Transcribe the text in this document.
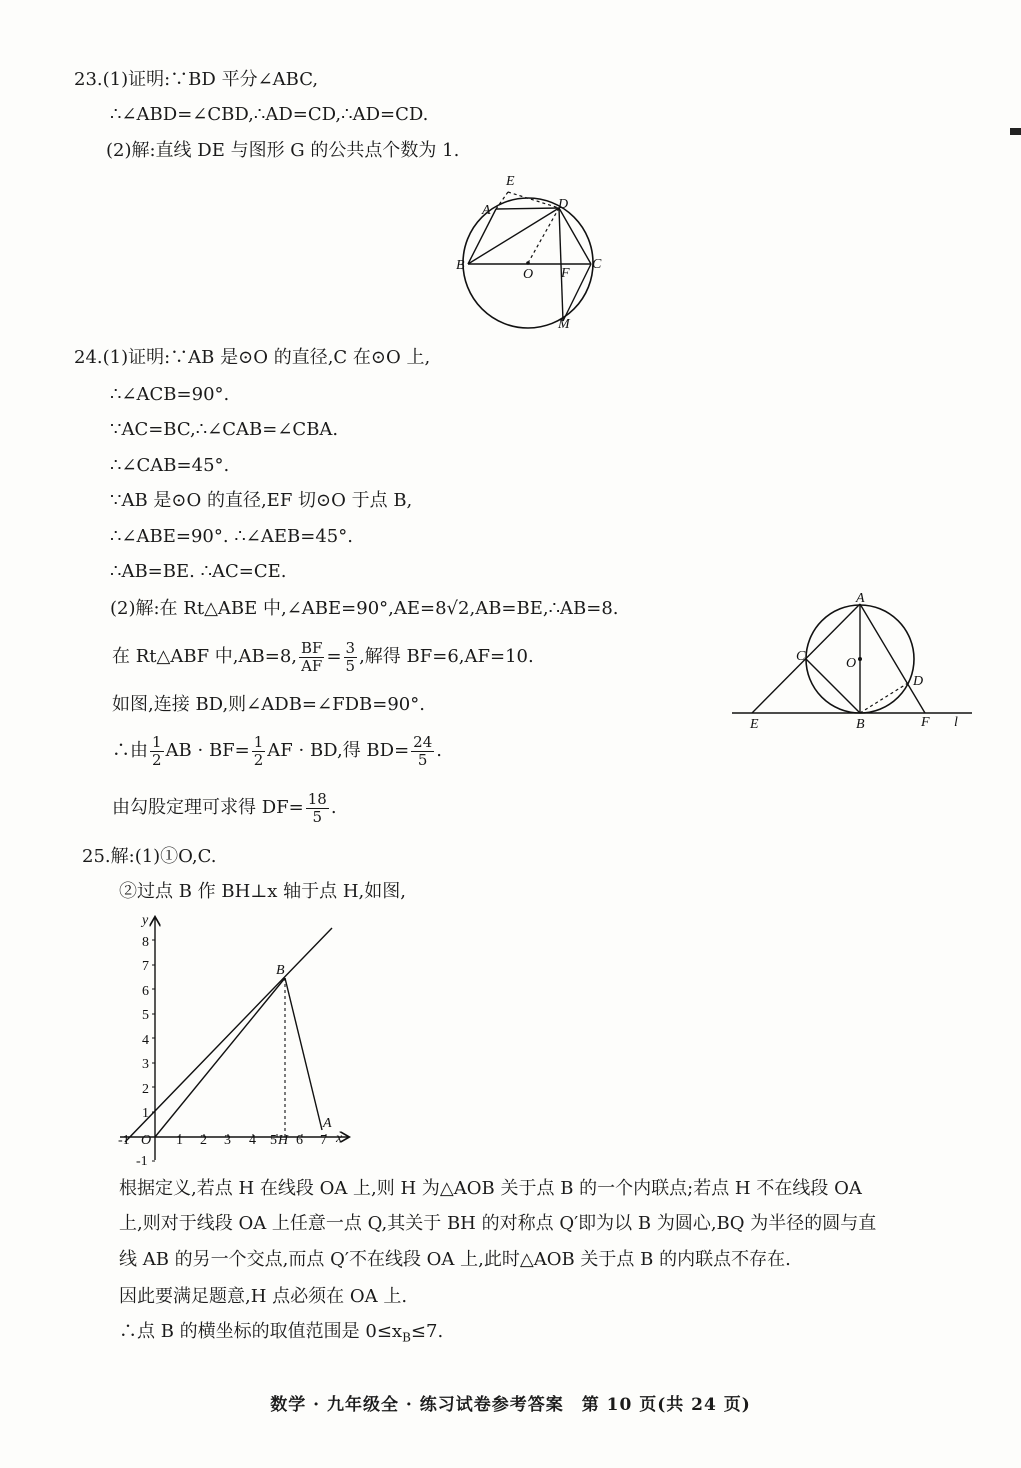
23.(1)证明:∵BD 平分∠ABC,
∴∠ABD=∠CBD,∴AD=CD,∴AD=CD.
(2)解:直线 DE 与图形 G 的公共点个数为 1.
E
A	D
B
O F
C
M
24.(1)证明:∵AB 是⊙O 的直径,C 在⊙O 上,
∴∠ACB=90°.
∵AC=BC,∴∠CAB=∠CBA.
∴∠CAB=45°.
∵AB 是⊙O 的直径,EF 切⊙O 于点 B,
∴∠ABE=90°. ∴∠AEB=45°.
∴AB=BE. ∴AC=CE.
(2)解:在 Rt△ABE 中,∠ABE=90°,AE=8√2,AB=BE,∴AB=8.
在 Rt△ABF 中,AB=8, $\frac{BF}{AF} = \frac{3}{5}$ ,解得 BF=6,AF=10.
如图,连接 BD,则∠ADB=∠FDB=90°.
∴由 $\frac{1}{2}$ AB · $BF= \frac{1}{2}$ AF · BD,得 $BD= \frac{24}{5}$ .
由勾股定理可求得 $DF= \frac{18}{5}$ .
A
C	O
D
E	B	F l
25.解:(1)①O,C.
②过点 B 作 BH⊥x 轴于点 H,如图,
y
x
8
7
6
5
4
3
2
1
-1
-1 O 1 2 3 4 5 H 6 7
B
A
根据定义,若点 H 在线段 OA 上,则 H 为△AOB 关于点 B 的一个内联点;若点 H 不在线段 OA
上,则对于线段 OA 上任意一点 Q,其关于 BH 的对称点 Q′即为以 B 为圆心,BQ 为半径的圆与直
线 AB 的另一个交点,而点 Q′不在线段 OA 上,此时△AOB 关于点 B 的内联点不存在.
因此要满足题意,H 点必须在 OA 上.
∴点 B 的横坐标的取值范围是 $0\le x_B\le 7$.
数学 · 九年级全 · 练习试卷参考答案　第 10 页(共 24 页)
